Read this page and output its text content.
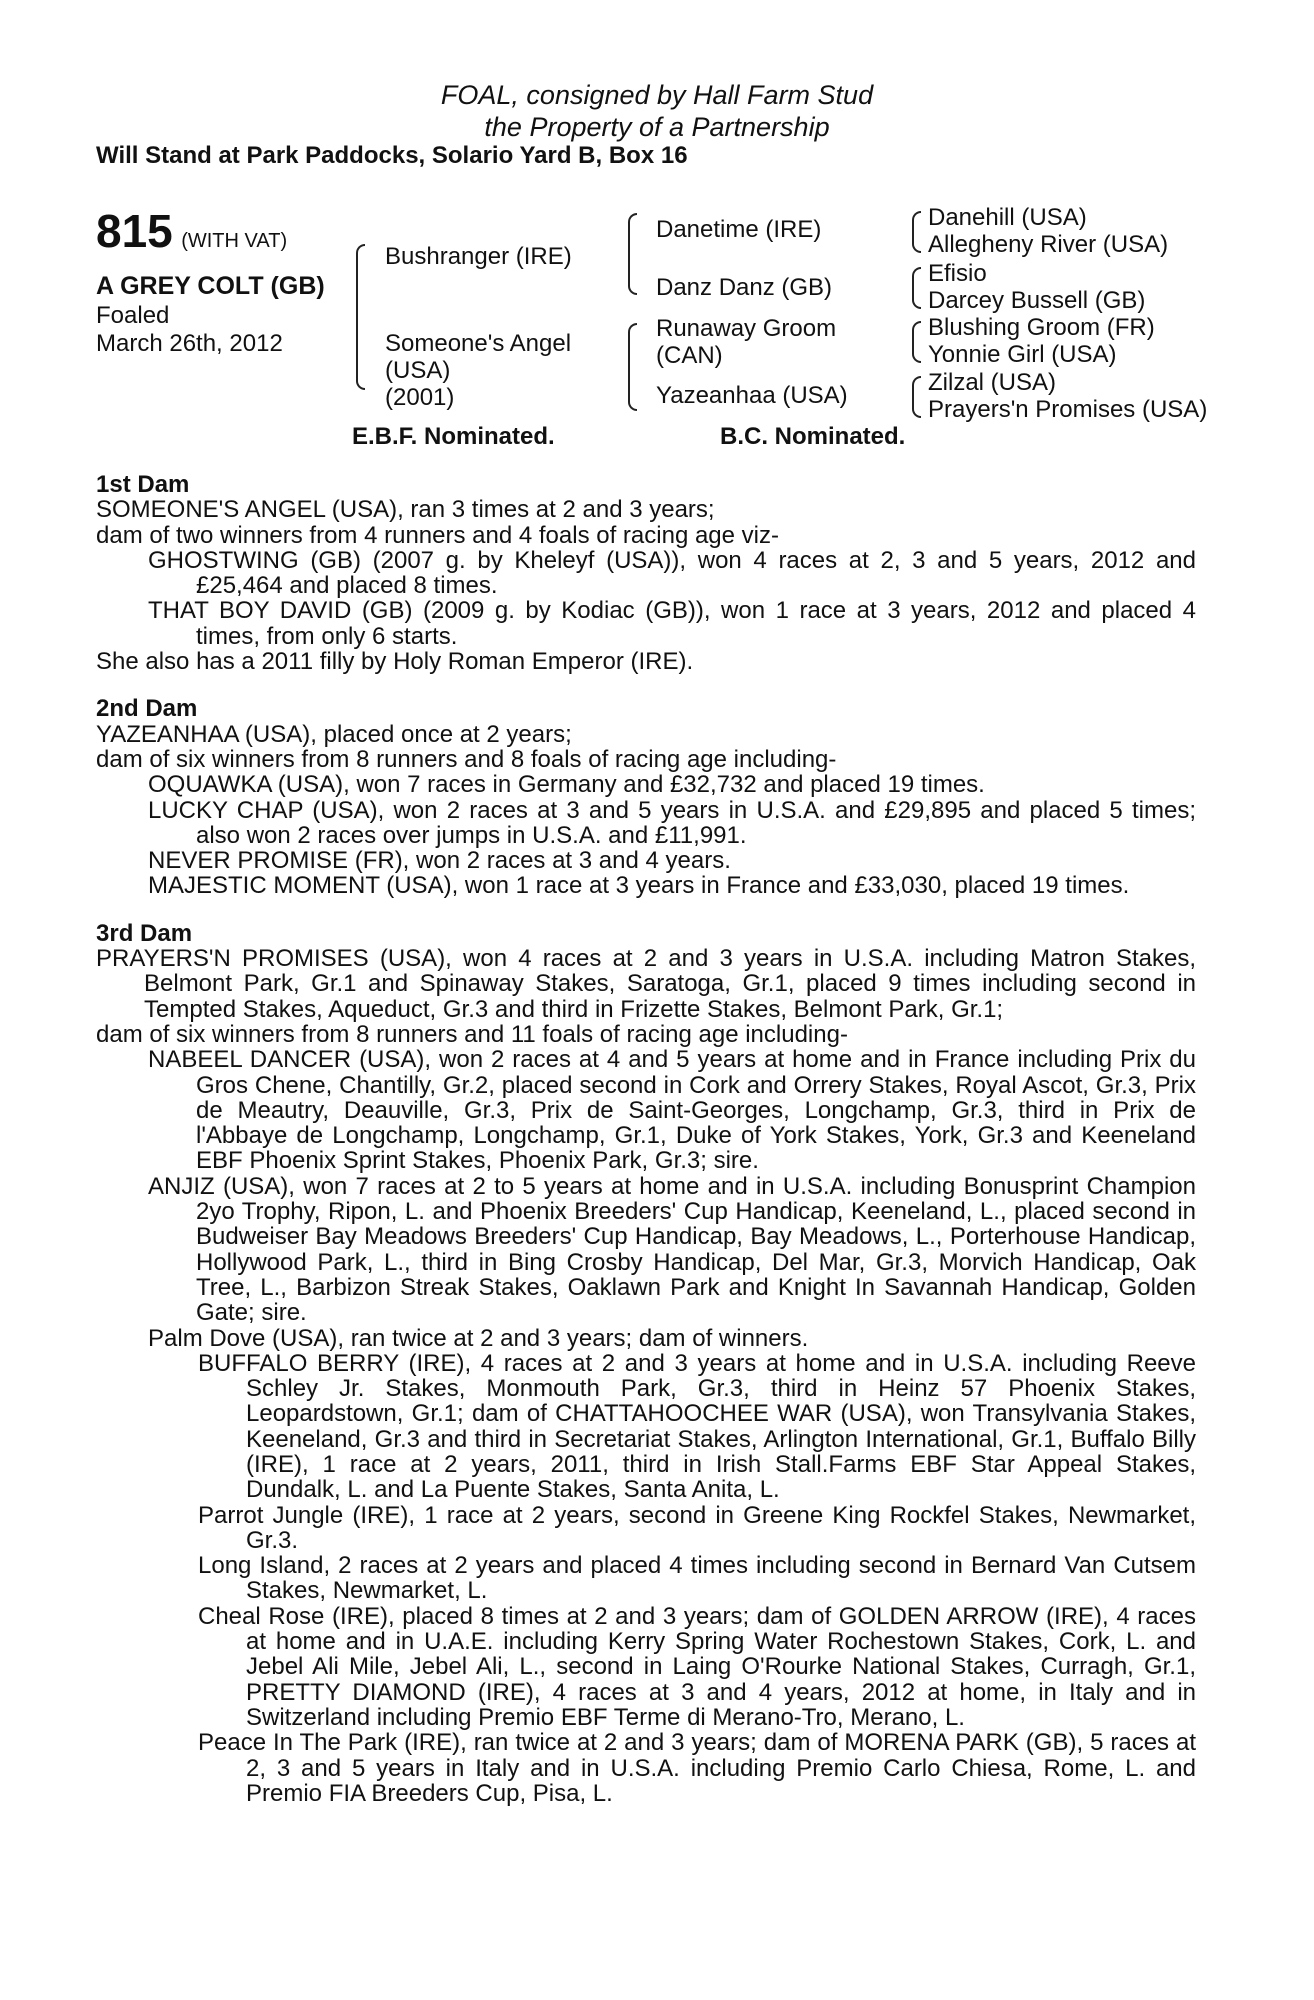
FOAL, consigned by Hall Farm Stud
the Property of a Partnership
Will Stand at Park Paddocks, Solario Yard B, Box 16
815 (WITH VAT)
A GREY COLT (GB)
Foaled
March 26th, 2012
Bushranger (IRE)
Someone's Angel
(USA)
(2001)
Danetime (IRE)
Danz Danz (GB)
Runaway Groom
(CAN)
Yazeanhaa (USA)
Danehill (USA)
Allegheny River (USA)
Efisio
Darcey Bussell (GB)
Blushing Groom (FR)
Yonnie Girl (USA)
Zilzal (USA)
Prayers'n Promises (USA)
E.B.F. Nominated.	B.C. Nominated.
1st Dam
SOMEONE'S ANGEL (USA), ran 3 times at 2 and 3 years;
dam of two winners from 4 runners and 4 foals of racing age viz-
GHOSTWING (GB) (2007 g. by Kheleyf (USA)), won 4 races at 2, 3 and 5 years, 2012 and £25,464 and placed 8 times.
THAT BOY DAVID (GB) (2009 g. by Kodiac (GB)), won 1 race at 3 years, 2012 and placed 4 times, from only 6 starts.
She also has a 2011 filly by Holy Roman Emperor (IRE).
2nd Dam
YAZEANHAA (USA), placed once at 2 years;
dam of six winners from 8 runners and 8 foals of racing age including-
OQUAWKA (USA), won 7 races in Germany and £32,732 and placed 19 times.
LUCKY CHAP (USA), won 2 races at 3 and 5 years in U.S.A. and £29,895 and placed 5 times; also won 2 races over jumps in U.S.A. and £11,991.
NEVER PROMISE (FR), won 2 races at 3 and 4 years.
MAJESTIC MOMENT (USA), won 1 race at 3 years in France and £33,030, placed 19 times.
3rd Dam
PRAYERS'N PROMISES (USA), won 4 races at 2 and 3 years in U.S.A. including Matron Stakes, Belmont Park, Gr.1 and Spinaway Stakes, Saratoga, Gr.1, placed 9 times including second in Tempted Stakes, Aqueduct, Gr.3 and third in Frizette Stakes, Belmont Park, Gr.1;
dam of six winners from 8 runners and 11 foals of racing age including-
NABEEL DANCER (USA), won 2 races at 4 and 5 years at home and in France including Prix du Gros Chene, Chantilly, Gr.2, placed second in Cork and Orrery Stakes, Royal Ascot, Gr.3, Prix de Meautry, Deauville, Gr.3, Prix de Saint-Georges, Longchamp, Gr.3, third in Prix de l'Abbaye de Longchamp, Longchamp, Gr.1, Duke of York Stakes, York, Gr.3 and Keeneland EBF Phoenix Sprint Stakes, Phoenix Park, Gr.3; sire.
ANJIZ (USA), won 7 races at 2 to 5 years at home and in U.S.A. including Bonusprint Champion 2yo Trophy, Ripon, L. and Phoenix Breeders' Cup Handicap, Keeneland, L., placed second in Budweiser Bay Meadows Breeders' Cup Handicap, Bay Meadows, L., Porterhouse Handicap, Hollywood Park, L., third in Bing Crosby Handicap, Del Mar, Gr.3, Morvich Handicap, Oak Tree, L., Barbizon Streak Stakes, Oaklawn Park and Knight In Savannah Handicap, Golden Gate; sire.
Palm Dove (USA), ran twice at 2 and 3 years; dam of winners.
BUFFALO BERRY (IRE), 4 races at 2 and 3 years at home and in U.S.A. including Reeve Schley Jr. Stakes, Monmouth Park, Gr.3, third in Heinz 57 Phoenix Stakes, Leopardstown, Gr.1; dam of CHATTAHOOCHEE WAR (USA), won Transylvania Stakes, Keeneland, Gr.3 and third in Secretariat Stakes, Arlington International, Gr.1, Buffalo Billy (IRE), 1 race at 2 years, 2011, third in Irish Stall.Farms EBF Star Appeal Stakes, Dundalk, L. and La Puente Stakes, Santa Anita, L.
Parrot Jungle (IRE), 1 race at 2 years, second in Greene King Rockfel Stakes, Newmarket, Gr.3.
Long Island, 2 races at 2 years and placed 4 times including second in Bernard Van Cutsem Stakes, Newmarket, L.
Cheal Rose (IRE), placed 8 times at 2 and 3 years; dam of GOLDEN ARROW (IRE), 4 races at home and in U.A.E. including Kerry Spring Water Rochestown Stakes, Cork, L. and Jebel Ali Mile, Jebel Ali, L., second in Laing O'Rourke National Stakes, Curragh, Gr.1, PRETTY DIAMOND (IRE), 4 races at 3 and 4 years, 2012 at home, in Italy and in Switzerland including Premio EBF Terme di Merano-Tro, Merano, L.
Peace In The Park (IRE), ran twice at 2 and 3 years; dam of MORENA PARK (GB), 5 races at 2, 3 and 5 years in Italy and in U.S.A. including Premio Carlo Chiesa, Rome, L. and Premio FIA Breeders Cup, Pisa, L.
